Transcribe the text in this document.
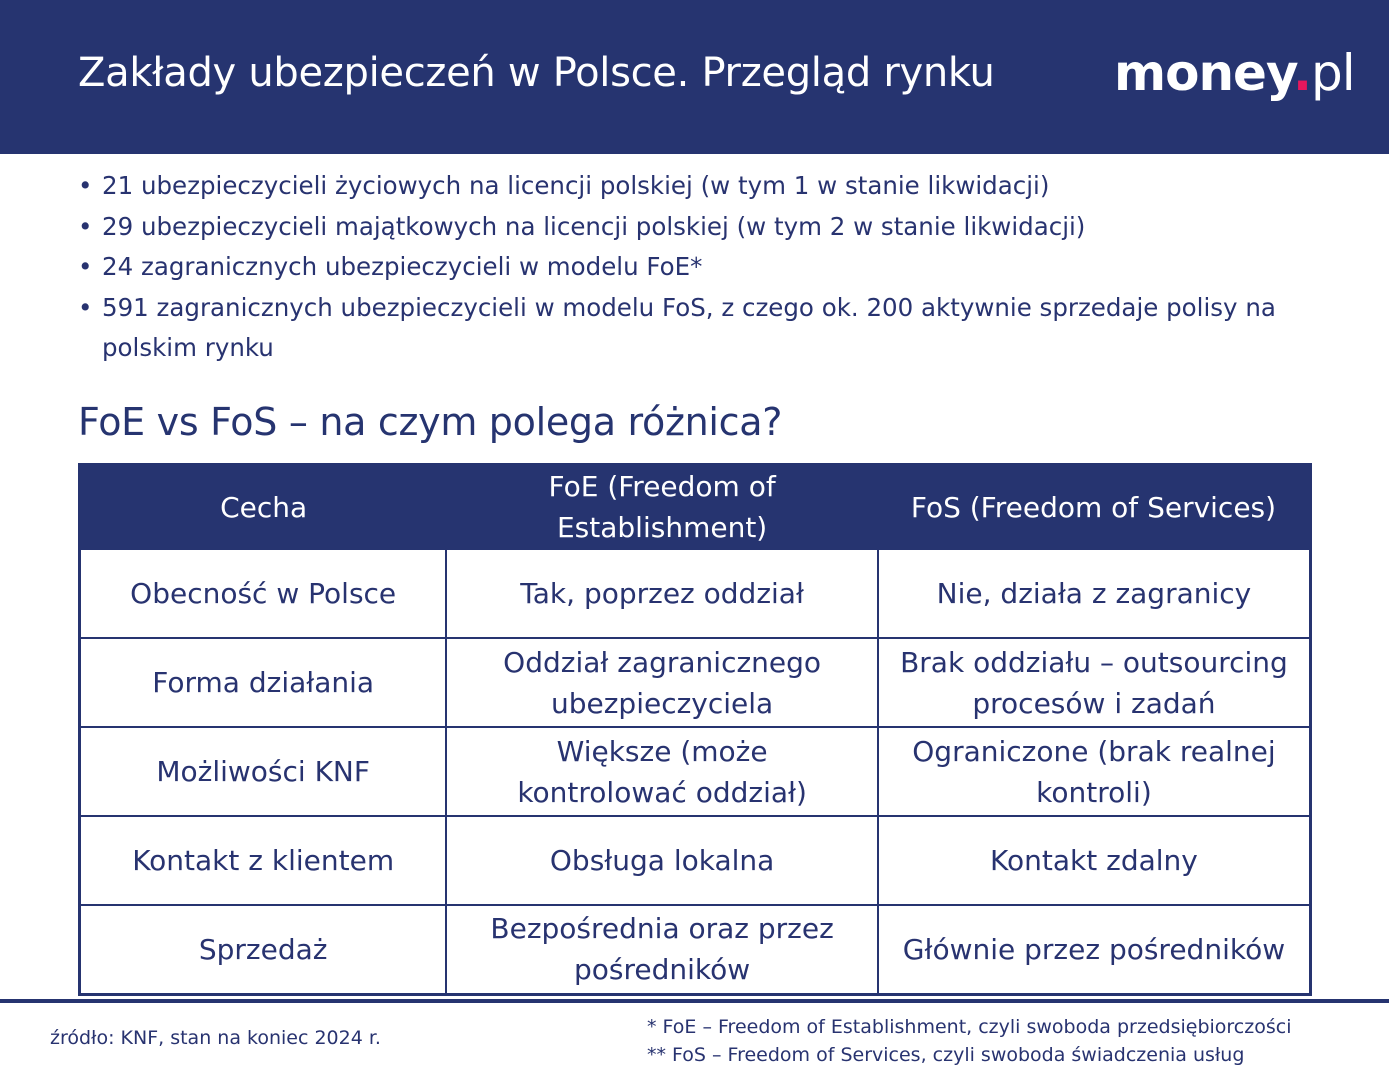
Zakłady ubezpieczeń w Polsce. Przegląd rynku money.pl
• 21 ubezpieczycieli życiowych na licencji polskiej (w tym 1 w stanie likwidacji)
• 29 ubezpieczycieli majątkowych na licencji polskiej (w tym 2 w stanie likwidacji)
• 24 zagranicznych ubezpieczycieli w modelu FoE*
• 591 zagranicznych ubezpieczycieli w modelu FoS, z czego ok. 200 aktywnie sprzedaje polisy na polskim rynku
FoE vs FoS – na czym polega różnica?
Cecha	FoE (Freedom of Establishment)	FoS (Freedom of Services)
Obecność w Polsce	Tak, poprzez oddział	Nie, działa z zagranicy
Forma działania	Oddział zagranicznego ubezpieczyciela	Brak oddziału – outsourcing procesów i zadań
Możliwości KNF	Większe (może kontrolować oddział)	Ograniczone (brak realnej kontroli)
Kontakt z klientem	Obsługa lokalna	Kontakt zdalny
Sprzedaż	Bezpośrednia oraz przez pośredników	Głównie przez pośredników
źródło: KNF, stan na koniec 2024 r.	* FoE – Freedom of Establishment, czyli swoboda przedsiębiorczości
** FoS – Freedom of Services, czyli swoboda świadczenia usług
